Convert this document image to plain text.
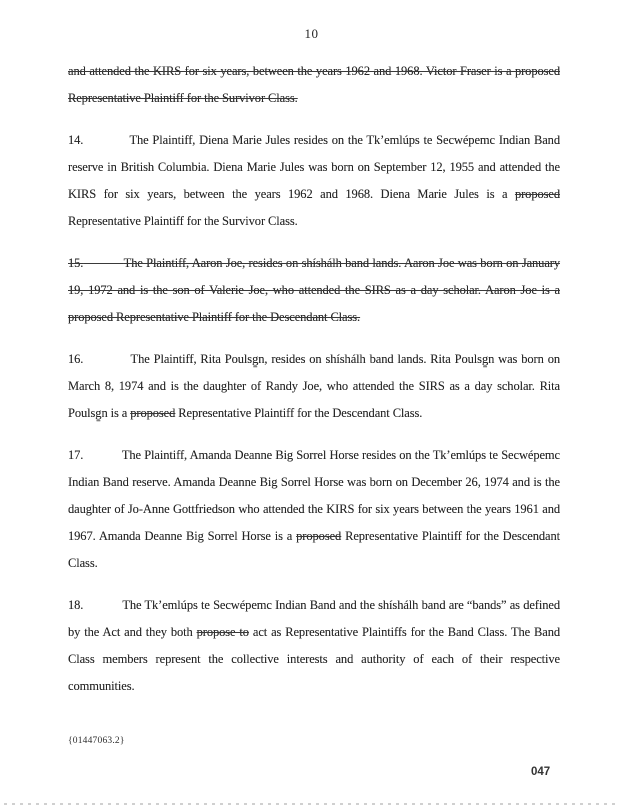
10

and attended the KIRS for six years, between the years 1962 and 1968. Victor Fraser is a proposed Representative Plaintiff for the Survivor Class.

14.	The Plaintiff, Diena Marie Jules resides on the Tk’emlúps te Secwépemc Indian Band reserve in British Columbia. Diena Marie Jules was born on September 12, 1955 and attended the KIRS for six years, between the years 1962 and 1968. Diena Marie Jules is a proposed Representative Plaintiff for the Survivor Class.

15.	The Plaintiff, Aaron Joe, resides on shíshálh band lands. Aaron Joe was born on January 19, 1972 and is the son of Valerie Joe, who attended the SIRS as a day scholar. Aaron Joe is a proposed Representative Plaintiff for the Descendant Class.

16.	The Plaintiff, Rita Poulsg̱n, resides on shíshálh band lands. Rita Poulsg̱n was born on March 8, 1974 and is the daughter of Randy Joe, who attended the SIRS as a day scholar. Rita Poulsg̱n is a proposed Representative Plaintiff for the Descendant Class.

17.	The Plaintiff, Amanda Deanne Big Sorrel Horse resides on the Tk’emlúps te Secwépemc Indian Band reserve. Amanda Deanne Big Sorrel Horse was born on December 26, 1974 and is the daughter of Jo-Anne Gottfriedson who attended the KIRS for six years between the years 1961 and 1967. Amanda Deanne Big Sorrel Horse is a proposed Representative Plaintiff for the Descendant Class.

18.	The Tk’emlúps te Secwépemc Indian Band and the shíshálh band are “bands” as defined by the Act and they both propose to act as Representative Plaintiffs for the Band Class. The Band Class members represent the collective interests and authority of each of their respective communities.

{01447063.2}
047
